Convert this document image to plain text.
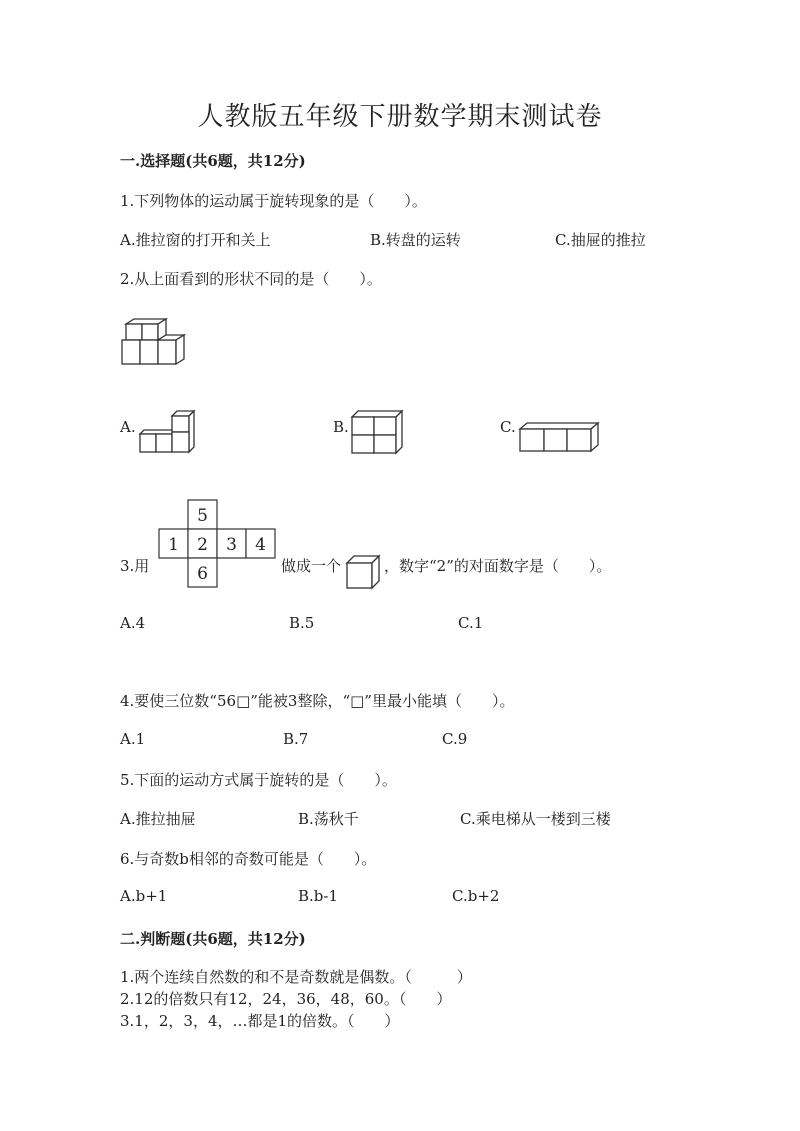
人教版五年级下册数学期末测试卷
一.选择题(共6题，共12分)
1.下列物体的运动属于旋转现象的是（　　）。
A.推拉窗的打开和关上	B.转盘的运转	C.抽屉的推拉
2.从上面看到的形状不同的是（　　）。
A.	B.	C.
3.用
5
1 2 3 4
6	做成一个	，数字“2”的对面数字是（　　）。
A.4	B.5	C.1
4.要使三位数“56□”能被3整除，“□”里最小能填（　　）。
A.1	B.7	C.9
5.下面的运动方式属于旋转的是（　　）。
A.推拉抽屉	B.荡秋千	C.乘电梯从一楼到三楼
6.与奇数b相邻的奇数可能是（　　）。
A.b+1	B.b-1	C.b+2
二.判断题(共6题，共12分)
1.两个连续自然数的和不是奇数就是偶数。（　　　）
2.12的倍数只有12，24，36，48，60。（　　）
3.1，2，3，4，…都是1的倍数。（　　）
